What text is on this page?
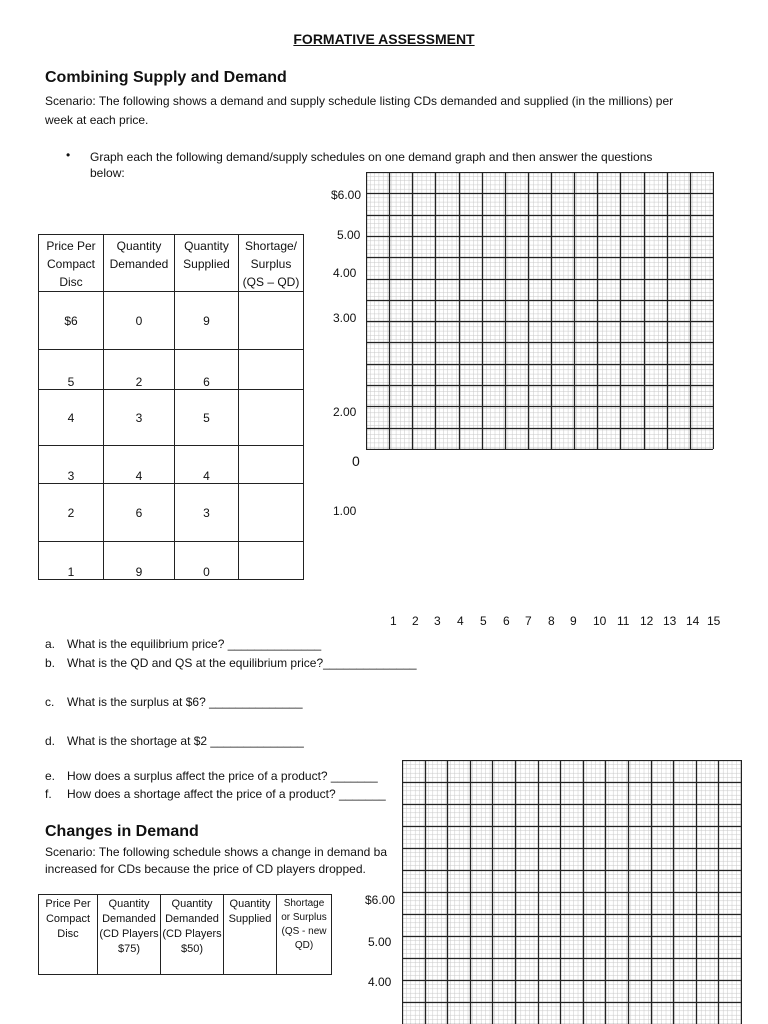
FORMATIVE ASSESSMENT
Combining Supply and Demand
Scenario: The following shows a demand and supply schedule listing CDs demanded and supplied (in the millions) per
week at each price.
• Graph each the following demand/supply schedules on one demand graph and then answer the questions
below:
Price Per Compact Disc	Quantity Demanded	Quantity Supplied	Shortage/ Surplus (QS – QD)
$6	0	9	
5	2	6	
4	3	5	
3	4	4	
2	6	3	
1	9	0	
$6.00
5.00
4.00
3.00
2.00
0
1.00
1 2 3 4 5 6 7 8 9 10 11 12 13 14 15
a. What is the equilibrium price? ______________
b. What is the QD and QS at the equilibrium price?______________
c. What is the surplus at $6? ______________
d. What is the shortage at $2 ______________
e. How does a surplus affect the price of a product? _______
f. How does a shortage affect the price of a product? _______
Changes in Demand
Scenario: The following schedule shows a change in demand ba
increased for CDs because the price of CD players dropped.
Price Per Compact Disc	Quantity Demanded (CD Players $75)	Quantity Demanded (CD Players $50)	Quantity Supplied	Shortage or Surplus (QS - new QD)
$6.00
5.00
4.00
